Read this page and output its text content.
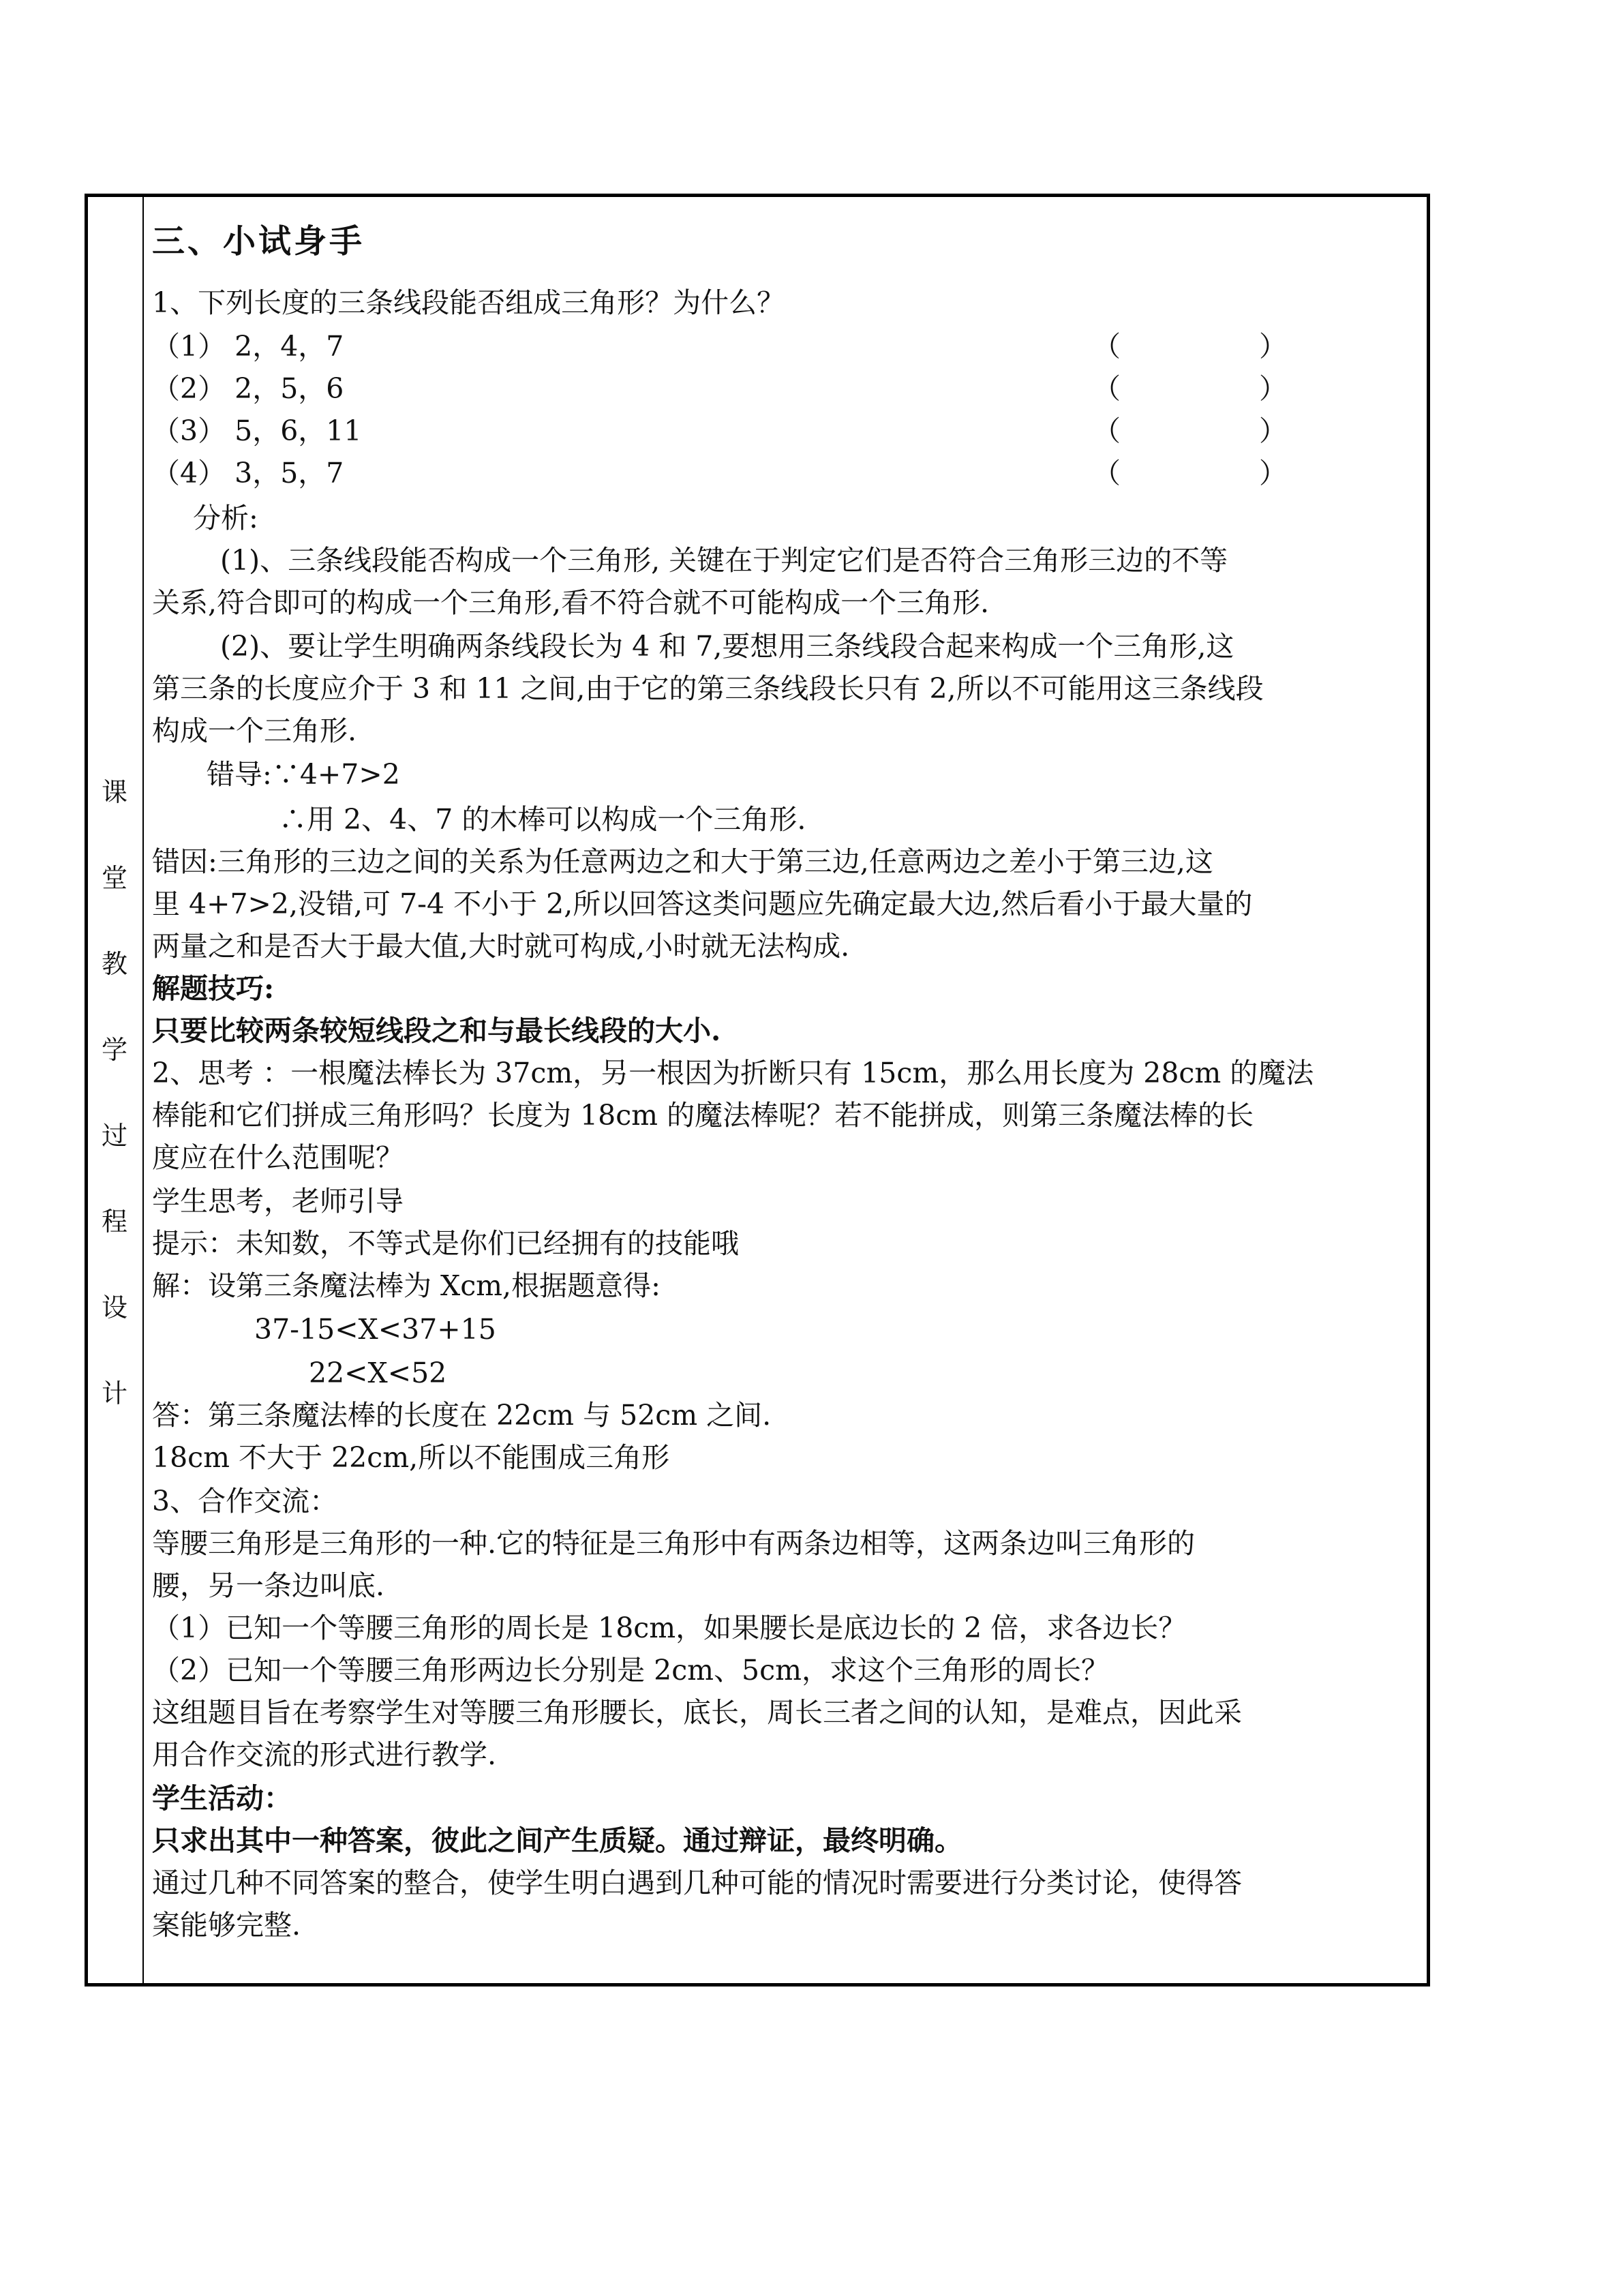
课
堂
教
学
过
程
设
计
三、小试身手
1、下列长度的三条线段能否组成三角形？为什么？
（1） 2，4，7	（	）
（2） 2，5，6	（	）
（3） 5，6，11	（	）
（4） 3，5，7	（	）
分析:
(1)、三条线段能否构成一个三角形, 关键在于判定它们是否符合三角形三边的不等
关系,符合即可的构成一个三角形,看不符合就不可能构成一个三角形.
(2)、要让学生明确两条线段长为 4 和 7,要想用三条线段合起来构成一个三角形,这
第三条的长度应介于 3 和 11 之间,由于它的第三条线段长只有 2,所以不可能用这三条线段
构成一个三角形.
错导:∵4+7>2
∴用 2、4、7 的木棒可以构成一个三角形.
错因:三角形的三边之间的关系为任意两边之和大于第三边,任意两边之差小于第三边,这
里 4+7>2,没错,可 7-4 不小于 2,所以回答这类问题应先确定最大边,然后看小于最大量的
两量之和是否大于最大值,大时就可构成,小时就无法构成.
解题技巧:
只要比较两条较短线段之和与最长线段的大小.
2、思考 ：一根魔法棒长为 37cm，另一根因为折断只有 15cm，那么用长度为 28cm 的魔法
棒能和它们拼成三角形吗？长度为 18cm 的魔法棒呢？若不能拼成，则第三条魔法棒的长
度应在什么范围呢？
学生思考，老师引导
提示：未知数，不等式是你们已经拥有的技能哦
解：设第三条魔法棒为 Xcm,根据题意得:
37-15<X<37+15
22<X<52
答：第三条魔法棒的长度在 22cm 与 52cm 之间.
18cm 不大于 22cm,所以不能围成三角形
3、合作交流：
等腰三角形是三角形的一种.它的特征是三角形中有两条边相等，这两条边叫三角形的
腰，另一条边叫底.
（1）已知一个等腰三角形的周长是 18cm，如果腰长是底边长的 2 倍，求各边长？
（2）已知一个等腰三角形两边长分别是 2cm、5cm，求这个三角形的周长？
这组题目旨在考察学生对等腰三角形腰长，底长，周长三者之间的认知，是难点，因此采
用合作交流的形式进行教学.
学生活动：
只求出其中一种答案，彼此之间产生质疑。通过辩证，最终明确。
通过几种不同答案的整合，使学生明白遇到几种可能的情况时需要进行分类讨论，使得答
案能够完整.
